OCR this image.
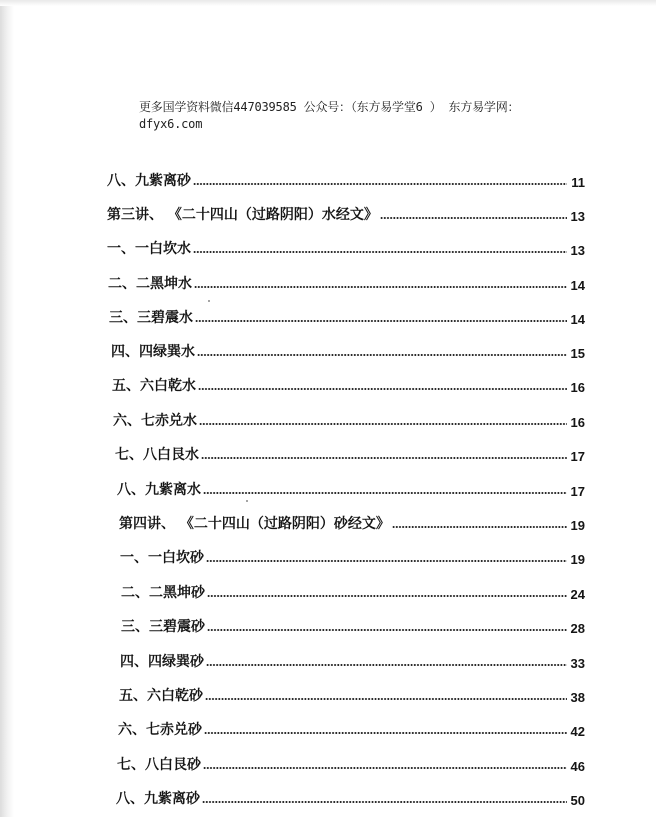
更多国学资料微信447039585 公众号：（东方易学堂6 ） 东方易学网：
dfyx6.com
八、九紫离砂	11
第三讲、 《二十四山（过路阴阳）水经文》	13
一、一白坎水	13
二、二黑坤水	14
三、三碧震水	14
四、四绿巽水	15
五、六白乾水	16
六、七赤兑水	16
七、八白艮水	17
八、九紫离水	17
第四讲、 《二十四山（过路阴阳）砂经文》	19
一、一白坎砂	19
二、二黑坤砂	24
三、三碧震砂	28
四、四绿巽砂	33
五、六白乾砂	38
六、七赤兑砂	42
七、八白艮砂	46
八、九紫离砂	50
